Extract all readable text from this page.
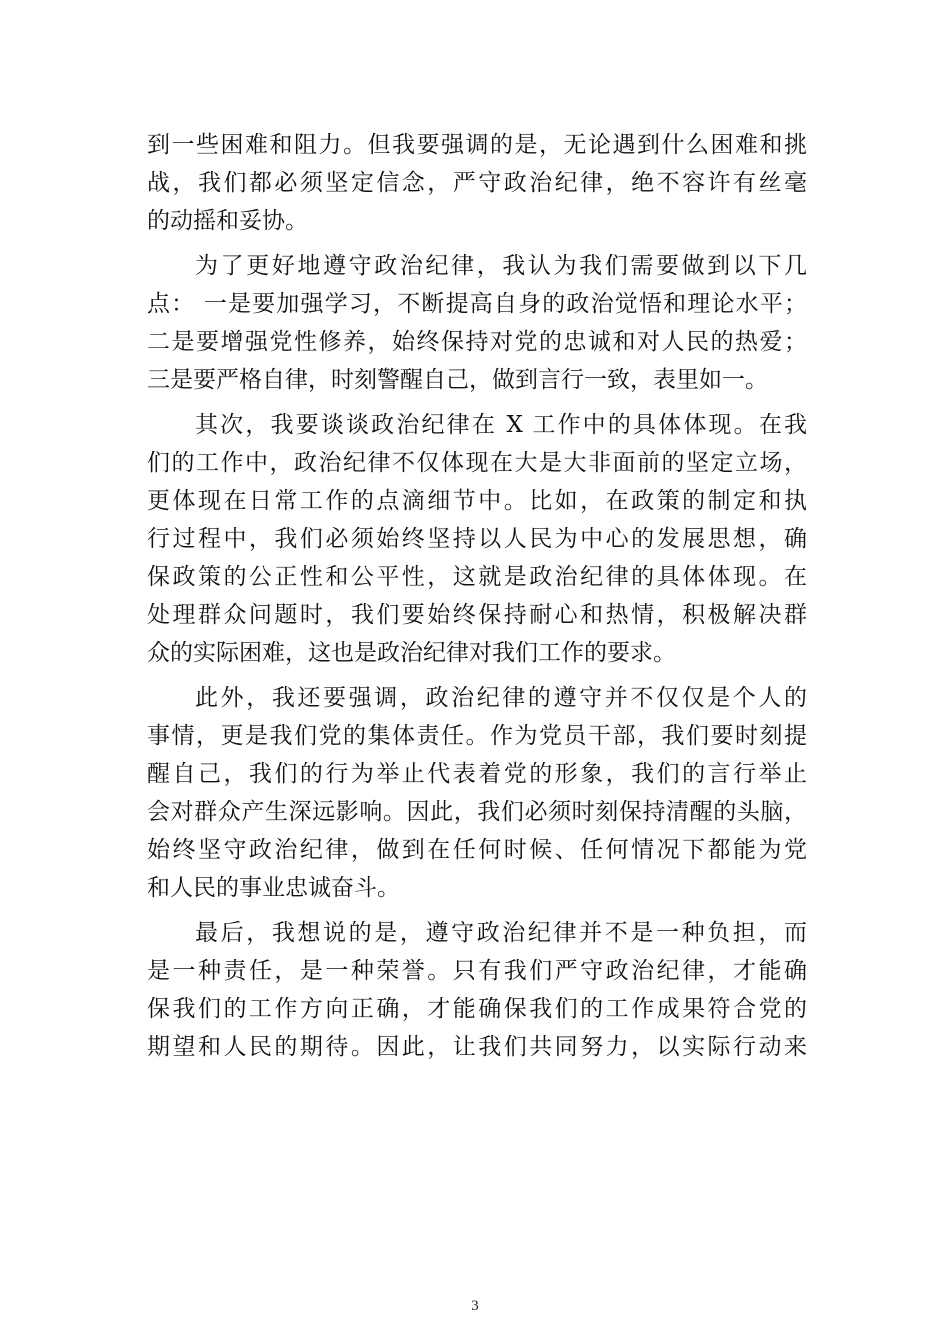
到一些困难和阻力。但我要强调的是，无论遇到什么困难和挑
战，我们都必须坚定信念，严守政治纪律，绝不容许有丝毫
的动摇和妥协。
为了更好地遵守政治纪律，我认为我们需要做到以下几
点： 一是要加强学习，不断提高自身的政治觉悟和理论水平；
二是要增强党性修养，始终保持对党的忠诚和对人民的热爱；
三是要严格自律，时刻警醒自己，做到言行一致，表里如一。
其次，我要谈谈政治纪律在 X 工作中的具体体现。在我
们的工作中，政治纪律不仅体现在大是大非面前的坚定立场，
更体现在日常工作的点滴细节中。比如，在政策的制定和执
行过程中，我们必须始终坚持以人民为中心的发展思想，确
保政策的公正性和公平性，这就是政治纪律的具体体现。在
处理群众问题时，我们要始终保持耐心和热情，积极解决群
众的实际困难，这也是政治纪律对我们工作的要求。
此外，我还要强调，政治纪律的遵守并不仅仅是个人的
事情，更是我们党的集体责任。作为党员干部，我们要时刻提
醒自己，我们的行为举止代表着党的形象，我们的言行举止
会对群众产生深远影响。因此，我们必须时刻保持清醒的头脑，
始终坚守政治纪律，做到在任何时候、任何情况下都能为党
和人民的事业忠诚奋斗。
最后，我想说的是，遵守政治纪律并不是一种负担，而
是一种责任，是一种荣誉。只有我们严守政治纪律，才能确
保我们的工作方向正确，才能确保我们的工作成果符合党的
期望和人民的期待。因此，让我们共同努力，以实际行动来
3
